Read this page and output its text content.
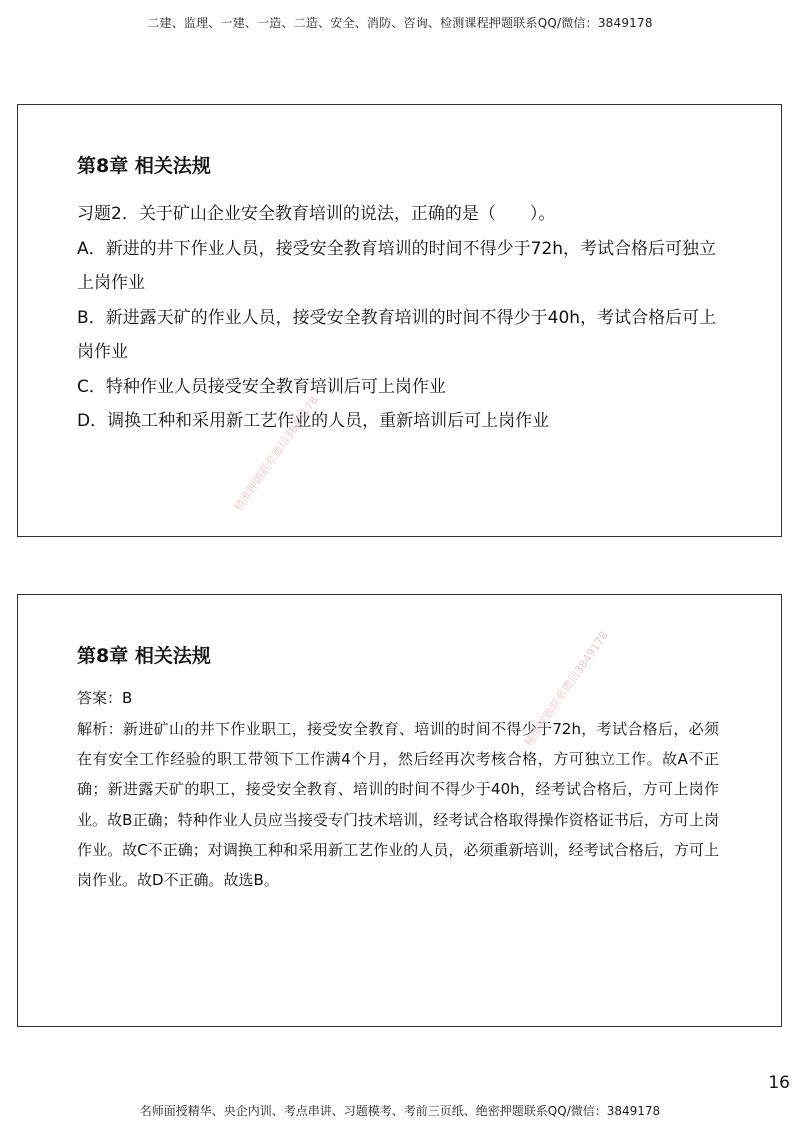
二建、监理、一建、一造、二造、安全、消防、咨询、检测课程押题联系QQ/微信：3849178
第8章 相关法规

习题2．关于矿山企业安全教育培训的说法，正确的是（　　）。

A．新进的井下作业人员，接受安全教育培训的时间不得少于72h，考试合格后可独立上岗作业

B．新进露天矿的作业人员，接受安全教育培训的时间不得少于40h，考试合格后可上岗作业

C．特种作业人员接受安全教育培训后可上岗作业

D．调换工种和采用新工艺作业的人员，重新培训后可上岗作业

精准押题联系微信3849178
第8章 相关法规

答案：B

解析：新进矿山的井下作业职工，接受安全教育、培训的时间不得少于72h，考试合格后，必须在有安全工作经验的职工带领下工作满4个月，然后经再次考核合格，方可独立工作。故A不正确；新进露天矿的职工，接受安全教育、培训的时间不得少于40h，经考试合格后，方可上岗作业。故B正确；特种作业人员应当接受专门技术培训，经考试合格取得操作资格证书后，方可上岗作业。故C不正确；对调换工种和采用新工艺作业的人员，必须重新培训，经考试合格后，方可上岗作业。故D不正确。故选B。

精准押题联系微信3849178
16
名师面授精华、央企内训、考点串讲、习题模考、考前三页纸、绝密押题联系QQ/微信：3849178
